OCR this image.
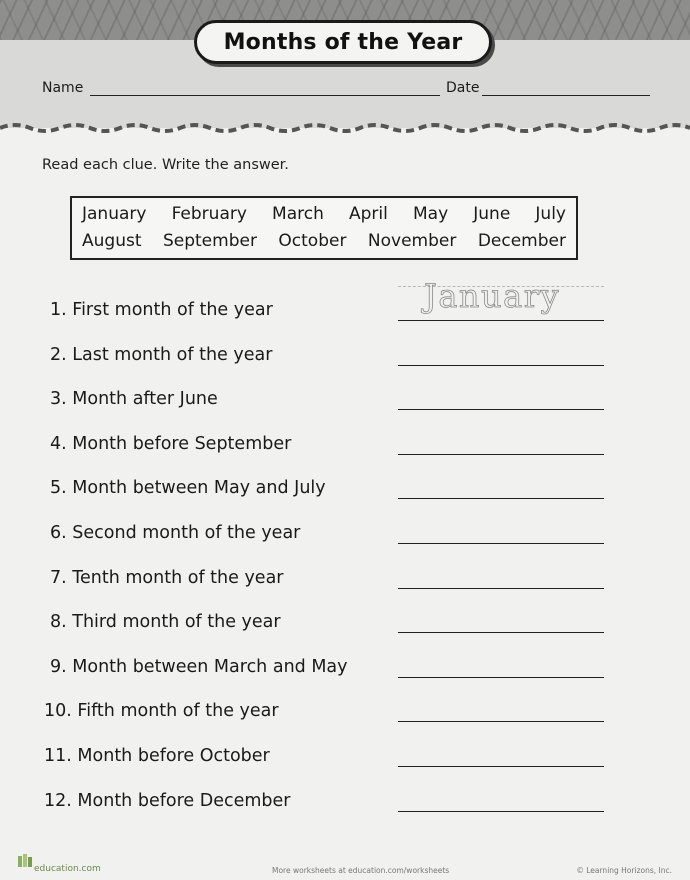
Months of the Year
Name	Date
Read each clue. Write the answer.
January February March April May June July
August September October November December
1. First month of the year	January
2. Last month of the year
3. Month after June
4. Month before September
5. Month between May and July
6. Second month of the year
7. Tenth month of the year
8. Third month of the year
9. Month between March and May
10. Fifth month of the year
11. Month before October
12. Month before December
education.com	More worksheets at education.com/worksheets	© Learning Horizons, Inc.
